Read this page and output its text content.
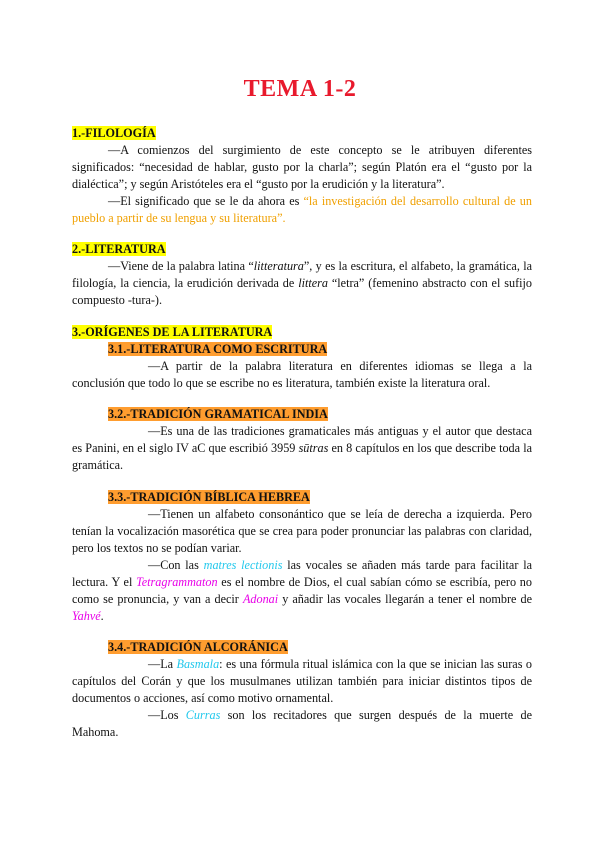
TEMA 1-2
1.-FILOLOGÍA

—A comienzos del surgimiento de este concepto se le atribuyen diferentes significados: “necesidad de hablar, gusto por la charla”; según Platón era el “gusto por la dialéctica”; y según Aristóteles era el “gusto por la erudición y la literatura”.

—El significado que se le da ahora es “la investigación del desarrollo cultural de un pueblo a partir de su lengua y su literatura”.

2.-LITERATURA

—Viene de la palabra latina “litteratura”, y es la escritura, el alfabeto, la gramática, la filología, la ciencia, la erudición derivada de littera “letra” (femenino abstracto con el sufijo compuesto -tura-).

3.-ORÍGENES DE LA LITERATURA
3.1.-LITERATURA COMO ESCRITURA

—A partir de la palabra literatura en diferentes idiomas se llega a la conclusión que todo lo que se escribe no es literatura, también existe la literatura oral.

3.2.-TRADICIÓN GRAMATICAL INDIA

—Es una de las tradiciones gramaticales más antiguas y el autor que destaca es Panini, en el siglo IV aC que escribió 3959 sūtras en 8 capítulos en los que describe toda la gramática.

3.3.-TRADICIÓN BÍBLICA HEBREA

—Tienen un alfabeto consonántico que se leía de derecha a izquierda. Pero tenían la vocalización masorética que se crea para poder pronunciar las palabras con claridad, pero los textos no se podían variar.

—Con las matres lectionis las vocales se añaden más tarde para facilitar la lectura. Y el Tetragrammaton es el nombre de Dios, el cual sabían cómo se escribía, pero no como se pronuncia, y van a decir Adonai y añadir las vocales llegarán a tener el nombre de Yahvé.

3.4.-TRADICIÓN ALCORÁNICA

—La Basmala: es una fórmula ritual islámica con la que se inician las suras o capítulos del Corán y que los musulmanes utilizan también para iniciar distintos tipos de documentos o acciones, así como motivo ornamental.

—Los Curras son los recitadores que surgen después de la muerte de Mahoma.
